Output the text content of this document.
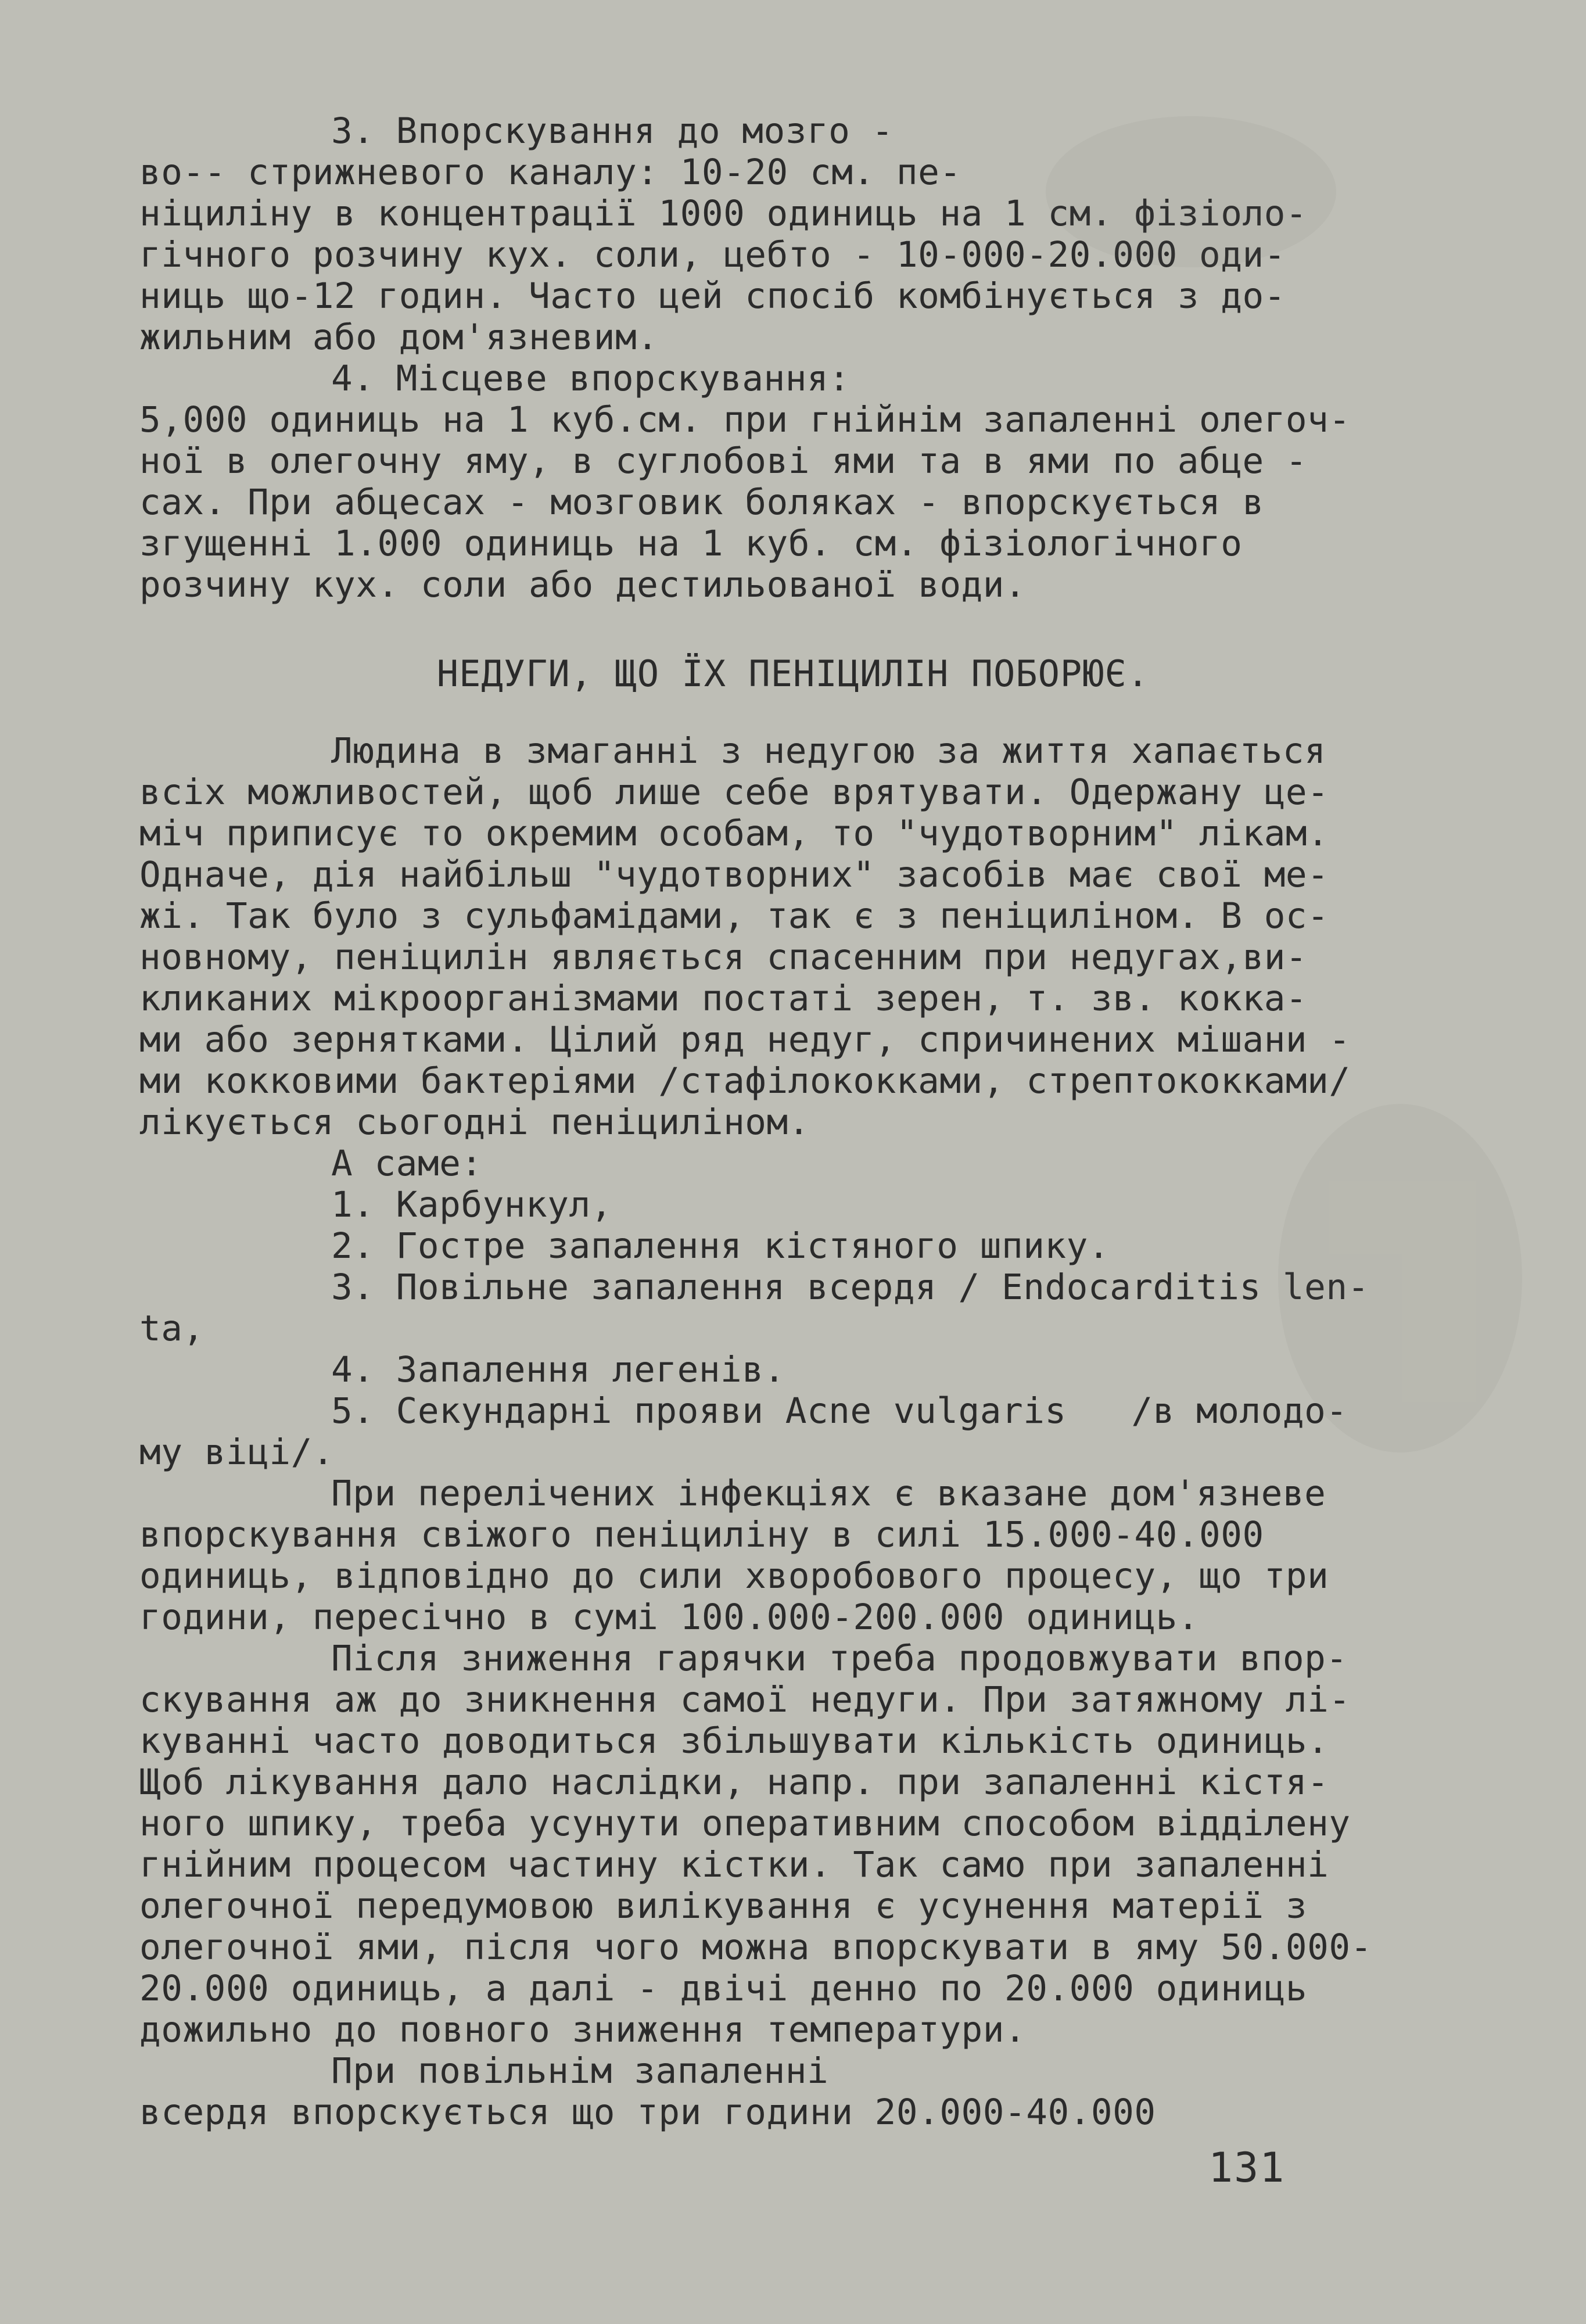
3. Впорскування до мозго -
во-- стрижневого каналу: 10-20 см. пе-
ніциліну в концентрації 1000 одиниць на 1 см. фізіоло-
гічного розчину кух. соли, цебто - 10-000-20.000 оди-
ниць що-12 годин. Часто цей спосіб комбінується з до-
жильним або дом'язневим.
4. Місцеве впорскування:
5,000 одиниць на 1 куб.см. при гнійнім запаленні олегоч-
ної в олегочну яму, в суглобові ями та в ями по абце -
сах. При абцесах - мозговик боляках - впорскується в
згущенні 1.000 одиниць на 1 куб. см. фізіологічного
розчину кух. соли або дестильованої води.
НЕДУГИ, ЩО ЇХ ПЕНІЦИЛІН ПОБОРЮЄ.
Людина в змаганні з недугою за життя хапається
всіх можливостей, щоб лише себе врятувати. Одержану це-
міч приписує то окремим особам, то "чудотворним" лікам.
Одначе, дія найбільш "чудотворних" засобів має свої ме-
жі. Так було з сульфамідами, так є з пеніциліном. В ос-
новному, пеніцилін являється спасенним при недугах,ви-
кликаних мікроорганізмами постаті зерен, т. зв. кокка-
ми або зернятками. Цілий ряд недуг, спричинених мішани -
ми кокковими бактеріями /стафілококками, стрептококками/
лікується сьогодні пеніциліном.
А саме:
1. Карбункул,
2. Гостре запалення кістяного шпику.
3. Повільне запалення всердя / Endocarditis len-
ta,
4. Запалення легенів.
5. Секундарні прояви Acne vulgaris   /в молодо-
му віці/.
При перелічених інфекціях є вказане дом'язневе
впорскування свіжого пеніциліну в силі 15.000-40.000
одиниць, відповідно до сили хворобового процесу, що три
години, пересічно в сумі 100.000-200.000 одиниць.
Після зниження гарячки треба продовжувати впор-
скування аж до зникнення самої недуги. При затяжному лі-
куванні часто доводиться збільшувати кількість одиниць.
Щоб лікування дало наслідки, напр. при запаленні кістя-
ного шпику, треба усунути оперативним способом відділену
гнійним процесом частину кістки. Так само при запаленні
олегочної передумовою вилікування є усунення матерії з
олегочної ями, після чого можна впорскувати в яму 50.000-
20.000 одиниць, а далі - двічі денно по 20.000 одиниць
дожильно до повного зниження температури.
При повільнім запаленні
всердя впорскується що три години 20.000-40.000
131
